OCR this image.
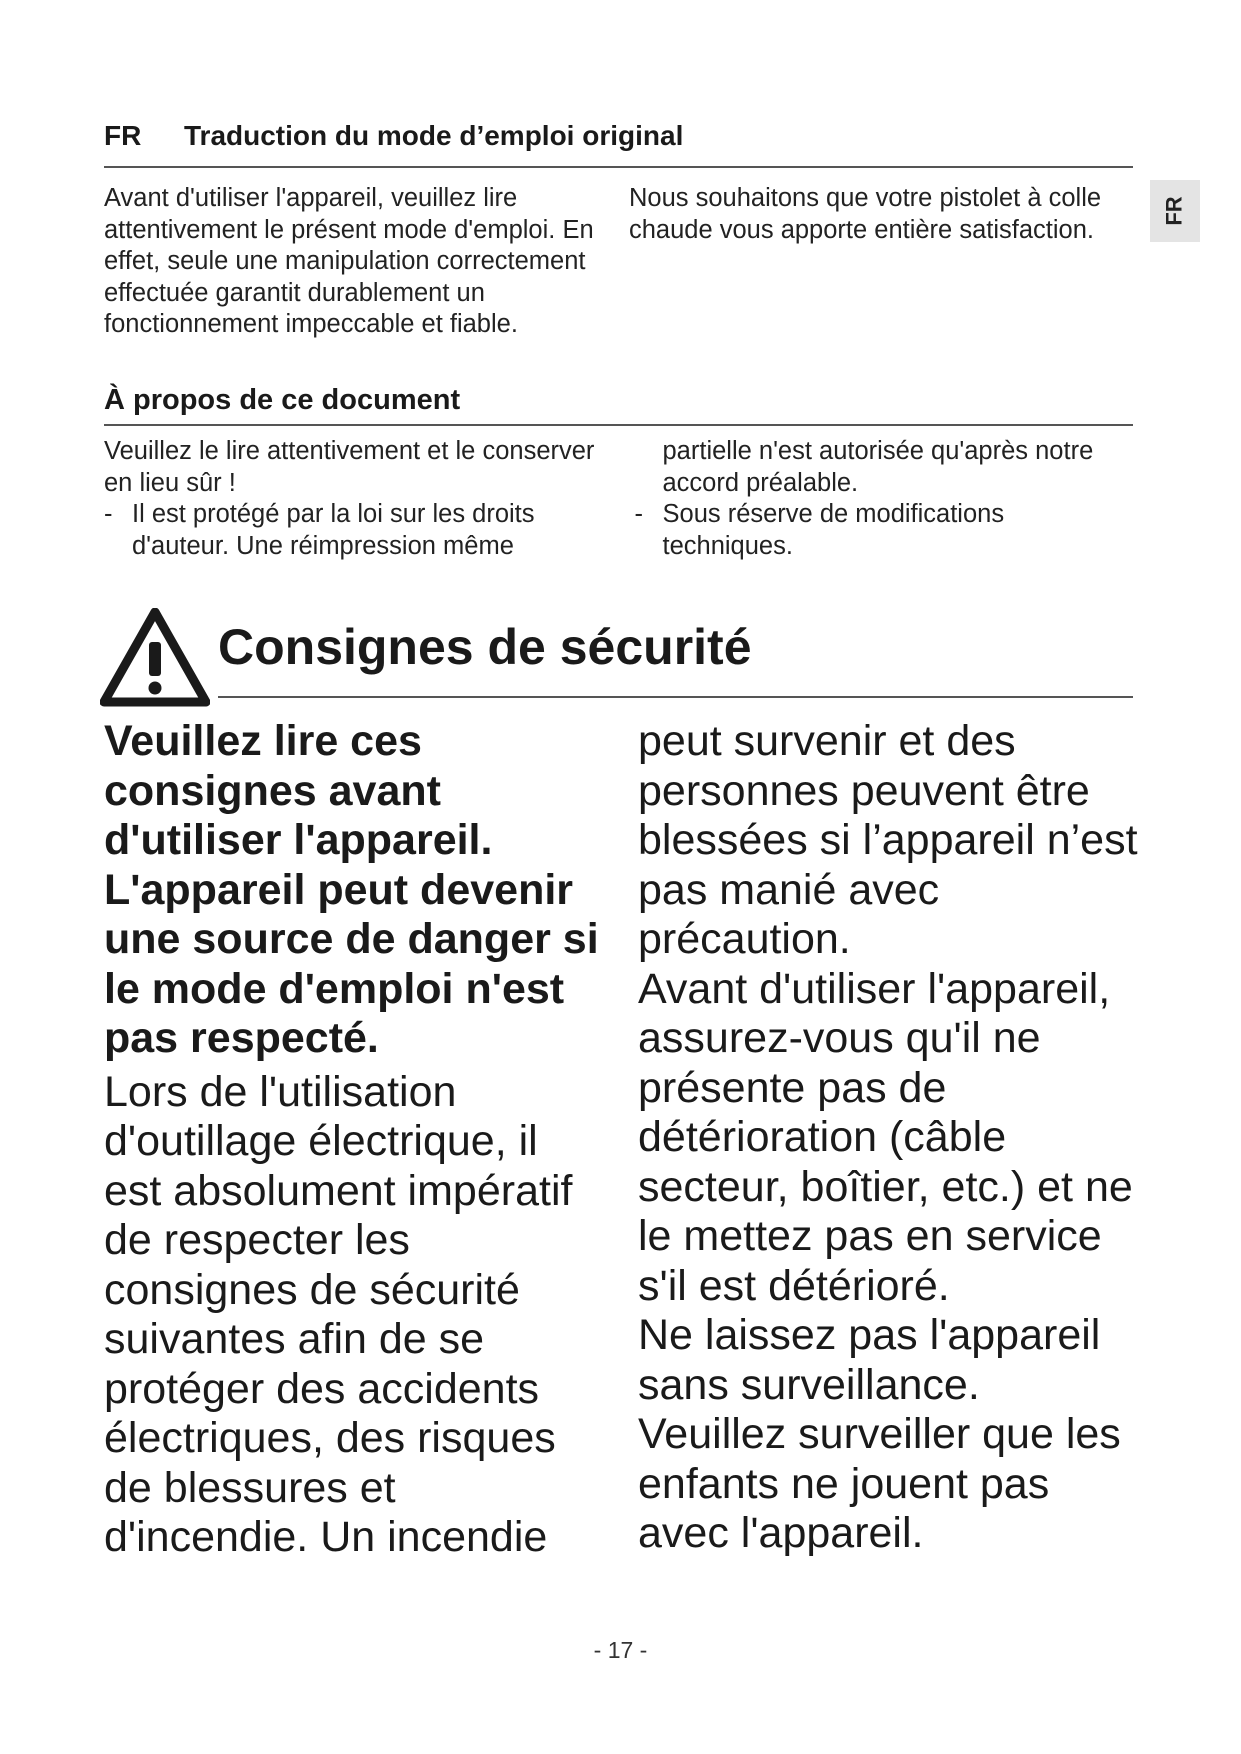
FR Traduction du mode d’emploi original
FR
Avant d'utiliser l'appareil, veuillez lire attentivement le présent mode d'emploi. En effet, seule une manipulation correctement effectuée garantit durablement un fonctionnement impeccable et fiable.
Nous souhaitons que votre pistolet à colle chaude vous apporte entière satisfaction.
À propos de ce document
Veuillez le lire attentivement et le conserver en lieu sûr !
- Il est protégé par la loi sur les droits d'auteur. Une réimpression même partielle n'est autorisée qu'après notre accord préalable.
- Sous réserve de modifications techniques.
Consignes de sécurité
Veuillez lire ces consignes avant d'utiliser l'appareil. L'appareil peut devenir une source de danger si le mode d'emploi n'est pas respecté.
Lors de l'utilisation d'outillage électrique, il est absolument impératif de respecter les consignes de sécurité suivantes afin de se protéger des accidents électriques, des risques de blessures et d'incendie. Un incendie peut survenir et des personnes peuvent être blessées si l’appareil n’est pas manié avec précaution.
Avant d'utiliser l'appareil, assurez-vous qu'il ne présente pas de détérioration (câble secteur, boîtier, etc.) et ne le mettez pas en service s'il est détérioré.
Ne laissez pas l'appareil sans surveillance.
Veuillez surveiller que les enfants ne jouent pas avec l'appareil.
- 17 -
